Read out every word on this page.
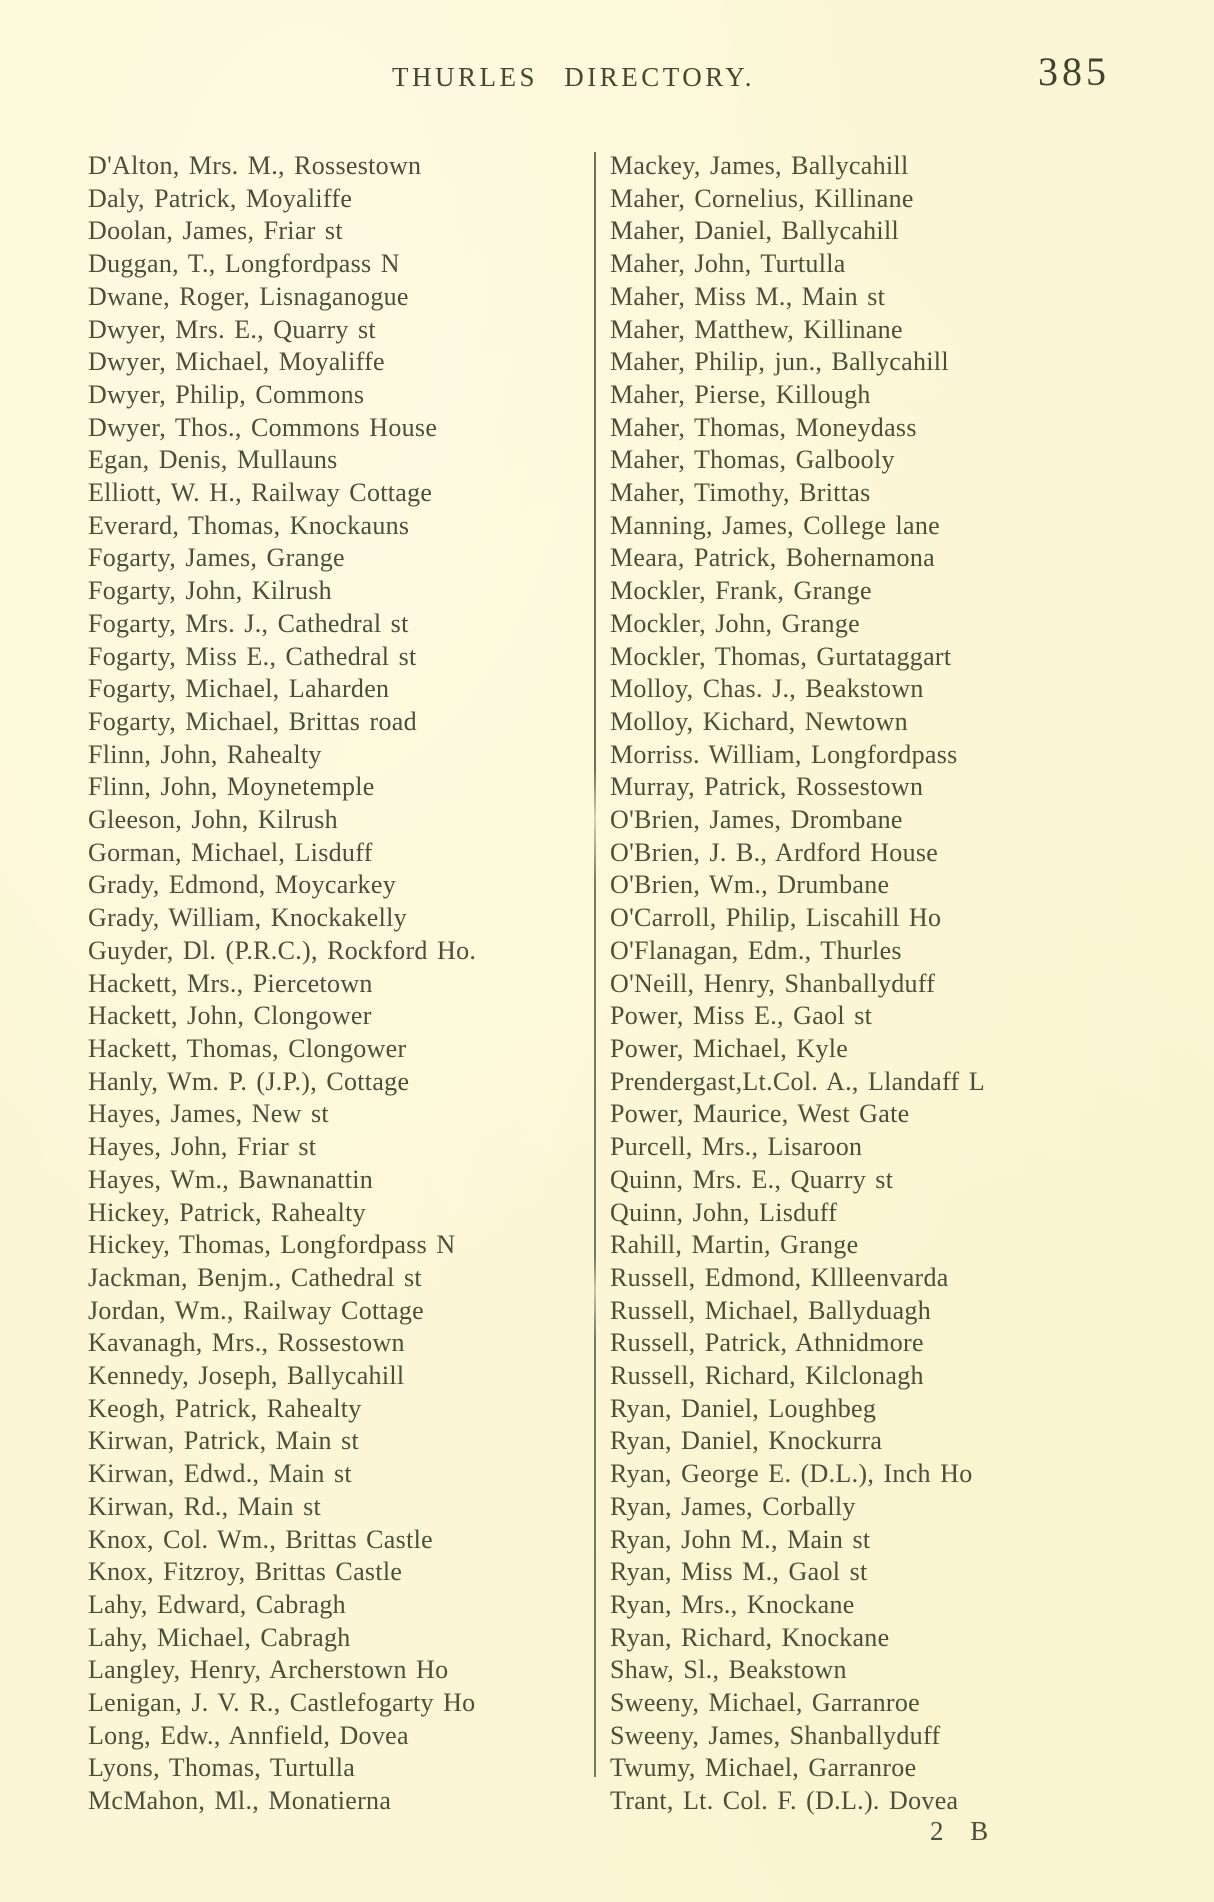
THURLES DIRECTORY.	385
D'Alton, Mrs. M., Rossestown
Daly, Patrick, Moyaliffe
Doolan, James, Friar st
Duggan, T., Longfordpass N
Dwane, Roger, Lisnaganogue
Dwyer, Mrs. E., Quarry st
Dwyer, Michael, Moyaliffe
Dwyer, Philip, Commons
Dwyer, Thos., Commons House
Egan, Denis, Mullauns
Elliott, W. H., Railway Cottage
Everard, Thomas, Knockauns
Fogarty, James, Grange
Fogarty, John, Kilrush
Fogarty, Mrs. J., Cathedral st
Fogarty, Miss E., Cathedral st
Fogarty, Michael, Laharden
Fogarty, Michael, Brittas road
Flinn, John, Rahealty
Flinn, John, Moynetemple
Gleeson, John, Kilrush
Gorman, Michael, Lisduff
Grady, Edmond, Moycarkey
Grady, William, Knockakelly
Guyder, Dl. (P.R.C.), Rockford Ho.
Hackett, Mrs., Piercetown
Hackett, John, Clongower
Hackett, Thomas, Clongower
Hanly, Wm. P. (J.P.), Cottage
Hayes, James, New st
Hayes, John, Friar st
Hayes, Wm., Bawnanattin
Hickey, Patrick, Rahealty
Hickey, Thomas, Longfordpass N
Jackman, Benjm., Cathedral st
Jordan, Wm., Railway Cottage
Kavanagh, Mrs., Rossestown
Kennedy, Joseph, Ballycahill
Keogh, Patrick, Rahealty
Kirwan, Patrick, Main st
Kirwan, Edwd., Main st
Kirwan, Rd., Main st
Knox, Col. Wm., Brittas Castle
Knox, Fitzroy, Brittas Castle
Lahy, Edward, Cabragh
Lahy, Michael, Cabragh
Langley, Henry, Archerstown Ho
Lenigan, J. V. R., Castlefogarty Ho
Long, Edw., Annfield, Dovea
Lyons, Thomas, Turtulla
McMahon, Ml., Monatierna
Mackey, James, Ballycahill
Maher, Cornelius, Killinane
Maher, Daniel, Ballycahill
Maher, John, Turtulla
Maher, Miss M., Main st
Maher, Matthew, Killinane
Maher, Philip, jun., Ballycahill
Maher, Pierse, Killough
Maher, Thomas, Moneydass
Maher, Thomas, Galbooly
Maher, Timothy, Brittas
Manning, James, College lane
Meara, Patrick, Bohernamona
Mockler, Frank, Grange
Mockler, John, Grange
Mockler, Thomas, Gurtataggart
Molloy, Chas. J., Beakstown
Molloy, Kichard, Newtown
Morriss. William, Longfordpass
Murray, Patrick, Rossestown
O'Brien, James, Drombane
O'Brien, J. B., Ardford House
O'Brien, Wm., Drumbane
O'Carroll, Philip, Liscahill Ho
O'Flanagan, Edm., Thurles
O'Neill, Henry, Shanballyduff
Power, Miss E., Gaol st
Power, Michael, Kyle
Prendergast,Lt.Col. A., Llandaff L
Power, Maurice, West Gate
Purcell, Mrs., Lisaroon
Quinn, Mrs. E., Quarry st
Quinn, John, Lisduff
Rahill, Martin, Grange
Russell, Edmond, Kllleenvarda
Russell, Michael, Ballyduagh
Russell, Patrick, Athnidmore
Russell, Richard, Kilclonagh
Ryan, Daniel, Loughbeg
Ryan, Daniel, Knockurra
Ryan, George E. (D.L.), Inch Ho
Ryan, James, Corbally
Ryan, John M., Main st
Ryan, Miss M., Gaol st
Ryan, Mrs., Knockane
Ryan, Richard, Knockane
Shaw, Sl., Beakstown
Sweeny, Michael, Garranroe
Sweeny, James, Shanballyduff
Twumy, Michael, Garranroe
Trant, Lt. Col. F. (D.L.). Dovea
2 B
